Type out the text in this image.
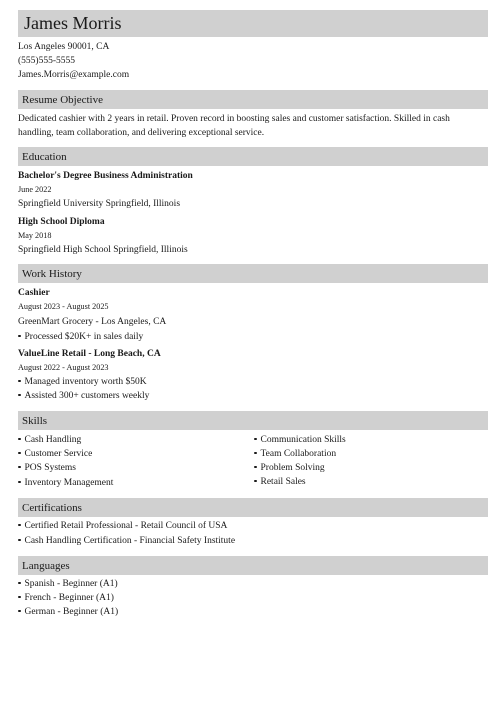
James Morris
Los Angeles 90001, CA
(555)555-5555
James.Morris@example.com
Resume Objective
Dedicated cashier with 2 years in retail. Proven record in boosting sales and customer satisfaction. Skilled in cash handling, team collaboration, and delivering exceptional service.
Education
Bachelor's Degree Business Administration
June 2022
Springfield University Springfield, Illinois
High School Diploma
May 2018
Springfield High School Springfield, Illinois
Work History
Cashier
August 2023 - August 2025
GreenMart Grocery - Los Angeles, CA
Processed $20K+ in sales daily
ValueLine Retail - Long Beach, CA
August 2022 - August 2023
Managed inventory worth $50K
Assisted 300+ customers weekly
Skills
Cash Handling
Customer Service
POS Systems
Inventory Management
Communication Skills
Team Collaboration
Problem Solving
Retail Sales
Certifications
Certified Retail Professional - Retail Council of USA
Cash Handling Certification - Financial Safety Institute
Languages
Spanish - Beginner (A1)
French - Beginner (A1)
German - Beginner (A1)
